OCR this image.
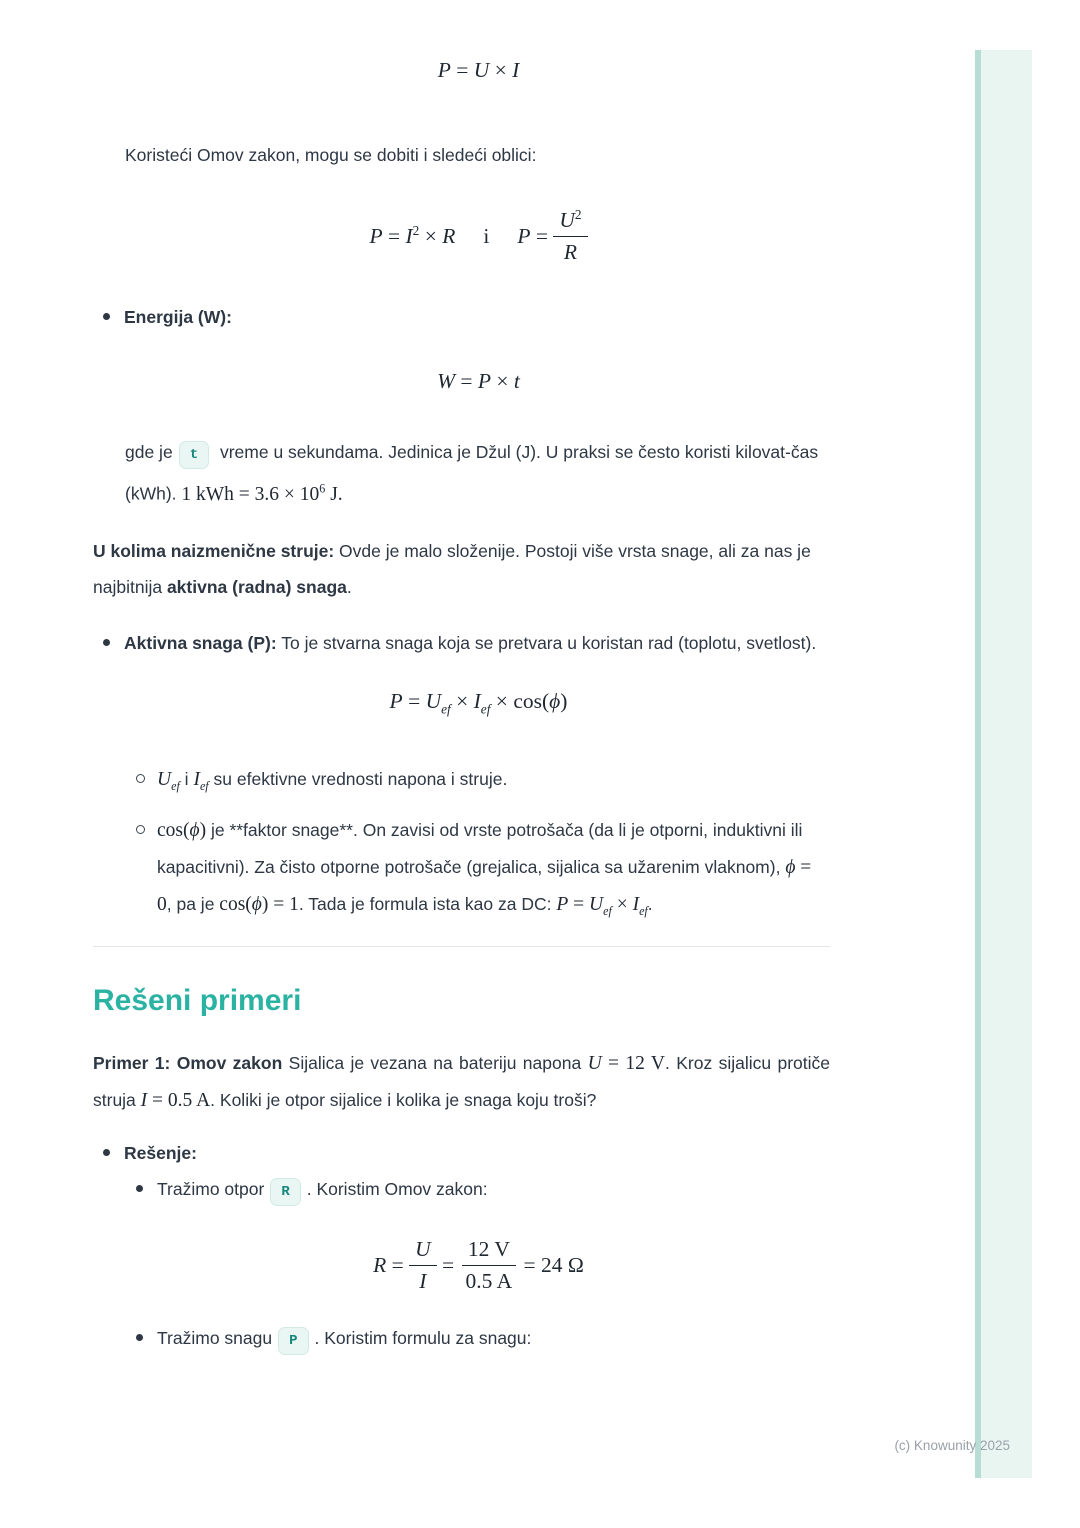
P = U × I

Koristeći Omov zakon, mogu se dobiti i sledeći oblici:

$P = I^2 \times R$ i $P = \frac{U^2}{R}$
Energija (W):
W = P × t

gde je t vreme u sekundama. Jedinica je Džul (J). U praksi se često koristi kilovat-čas (kWh). 1 kWh = $3.6 \times 10^6$ J.

U kolima naizmenične struje: Ovde je malo složenije. Postoji više vrsta snage, ali za nas je najbitnija aktivna (radna) snaga.

Aktivna snaga (P): To je stvarna snaga koja se pretvara u koristan rad (toplotu, svetlost).
$P = U_{ef} \times I_{ef} \times \cos(\phi)$
$U_{ef}$ i $I_{ef}$ su efektivne vrednosti napona i struje.
cos(ϕ) je **faktor snage**. On zavisi od vrste potrošača (da li je otporni, induktivni ili kapacitivni). Za čisto otporne potrošače (grejalica, sijalica sa užarenim vlaknom), ϕ = 0, pa je cos(ϕ) = 1. Tada je formula ista kao za DC: $P = U_{ef} \times I_{ef}$.
Rešeni primeri

Primer 1: Omov zakon Sijalica je vezana na bateriju napona U = 12 V. Kroz sijalicu protiče struja I = 0.5 A. Koliki je otpor sijalice i kolika je snaga koju troši?

Rešenje:
Tražimo otpor R . Koristim Omov zakon:
$R = \frac{U}{I} = \frac{12 V}{0.5 A} = 24$ Ω
Tražimo snagu P . Koristim formulu za snagu:
(c) Knowunity 2025
